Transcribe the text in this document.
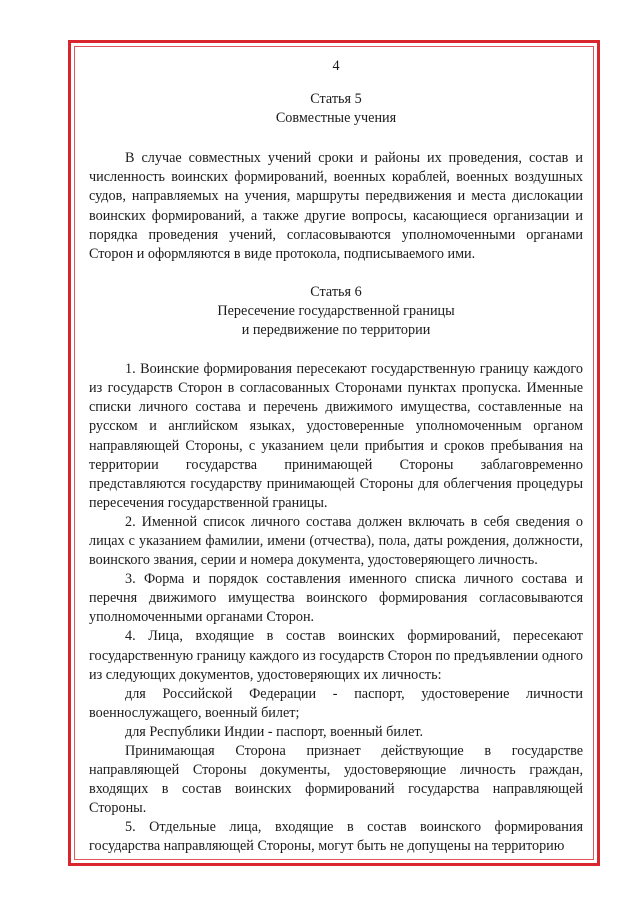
4
Статья 5
Совместные учения

В случае совместных учений сроки и районы их проведения, состав и численность воинских формирований, военных кораблей, военных воздушных судов, направляемых на учения, маршруты передвижения и места дислокации воинских формирований, а также другие вопросы, касающиеся организации и порядка проведения учений, согласовываются уполномоченными органами Сторон и оформляются в виде протокола, подписываемого ими.

Статья 6
Пересечение государственной границы
и передвижение по территории

1. Воинские формирования пересекают государственную границу каждого из государств Сторон в согласованных Сторонами пунктах пропуска. Именные списки личного состава и перечень движимого имущества, составленные на русском и английском языках, удостоверенные уполномоченным органом направляющей Стороны, с указанием цели прибытия и сроков пребывания на территории государства принимающей Стороны заблаговременно представляются государству принимающей Стороны для облегчения процедуры пересечения государственной границы.

2. Именной список личного состава должен включать в себя сведения о лицах с указанием фамилии, имени (отчества), пола, даты рождения, должности, воинского звания, серии и номера документа, удостоверяющего личность.

3. Форма и порядок составления именного списка личного состава и перечня движимого имущества воинского формирования согласовываются уполномоченными органами Сторон.

4. Лица, входящие в состав воинских формирований, пересекают государственную границу каждого из государств Сторон по предъявлении одного из следующих документов, удостоверяющих их личность:

для Российской Федерации - паспорт, удостоверение личности военнослужащего, военный билет;

для Республики Индии - паспорт, военный билет.

Принимающая Сторона признает действующие в государстве направляющей Стороны документы, удостоверяющие личность граждан, входящих в состав воинских формирований государства направляющей Стороны.

5. Отдельные лица, входящие в состав воинского формирования государства направляющей Стороны, могут быть не допущены на территорию
